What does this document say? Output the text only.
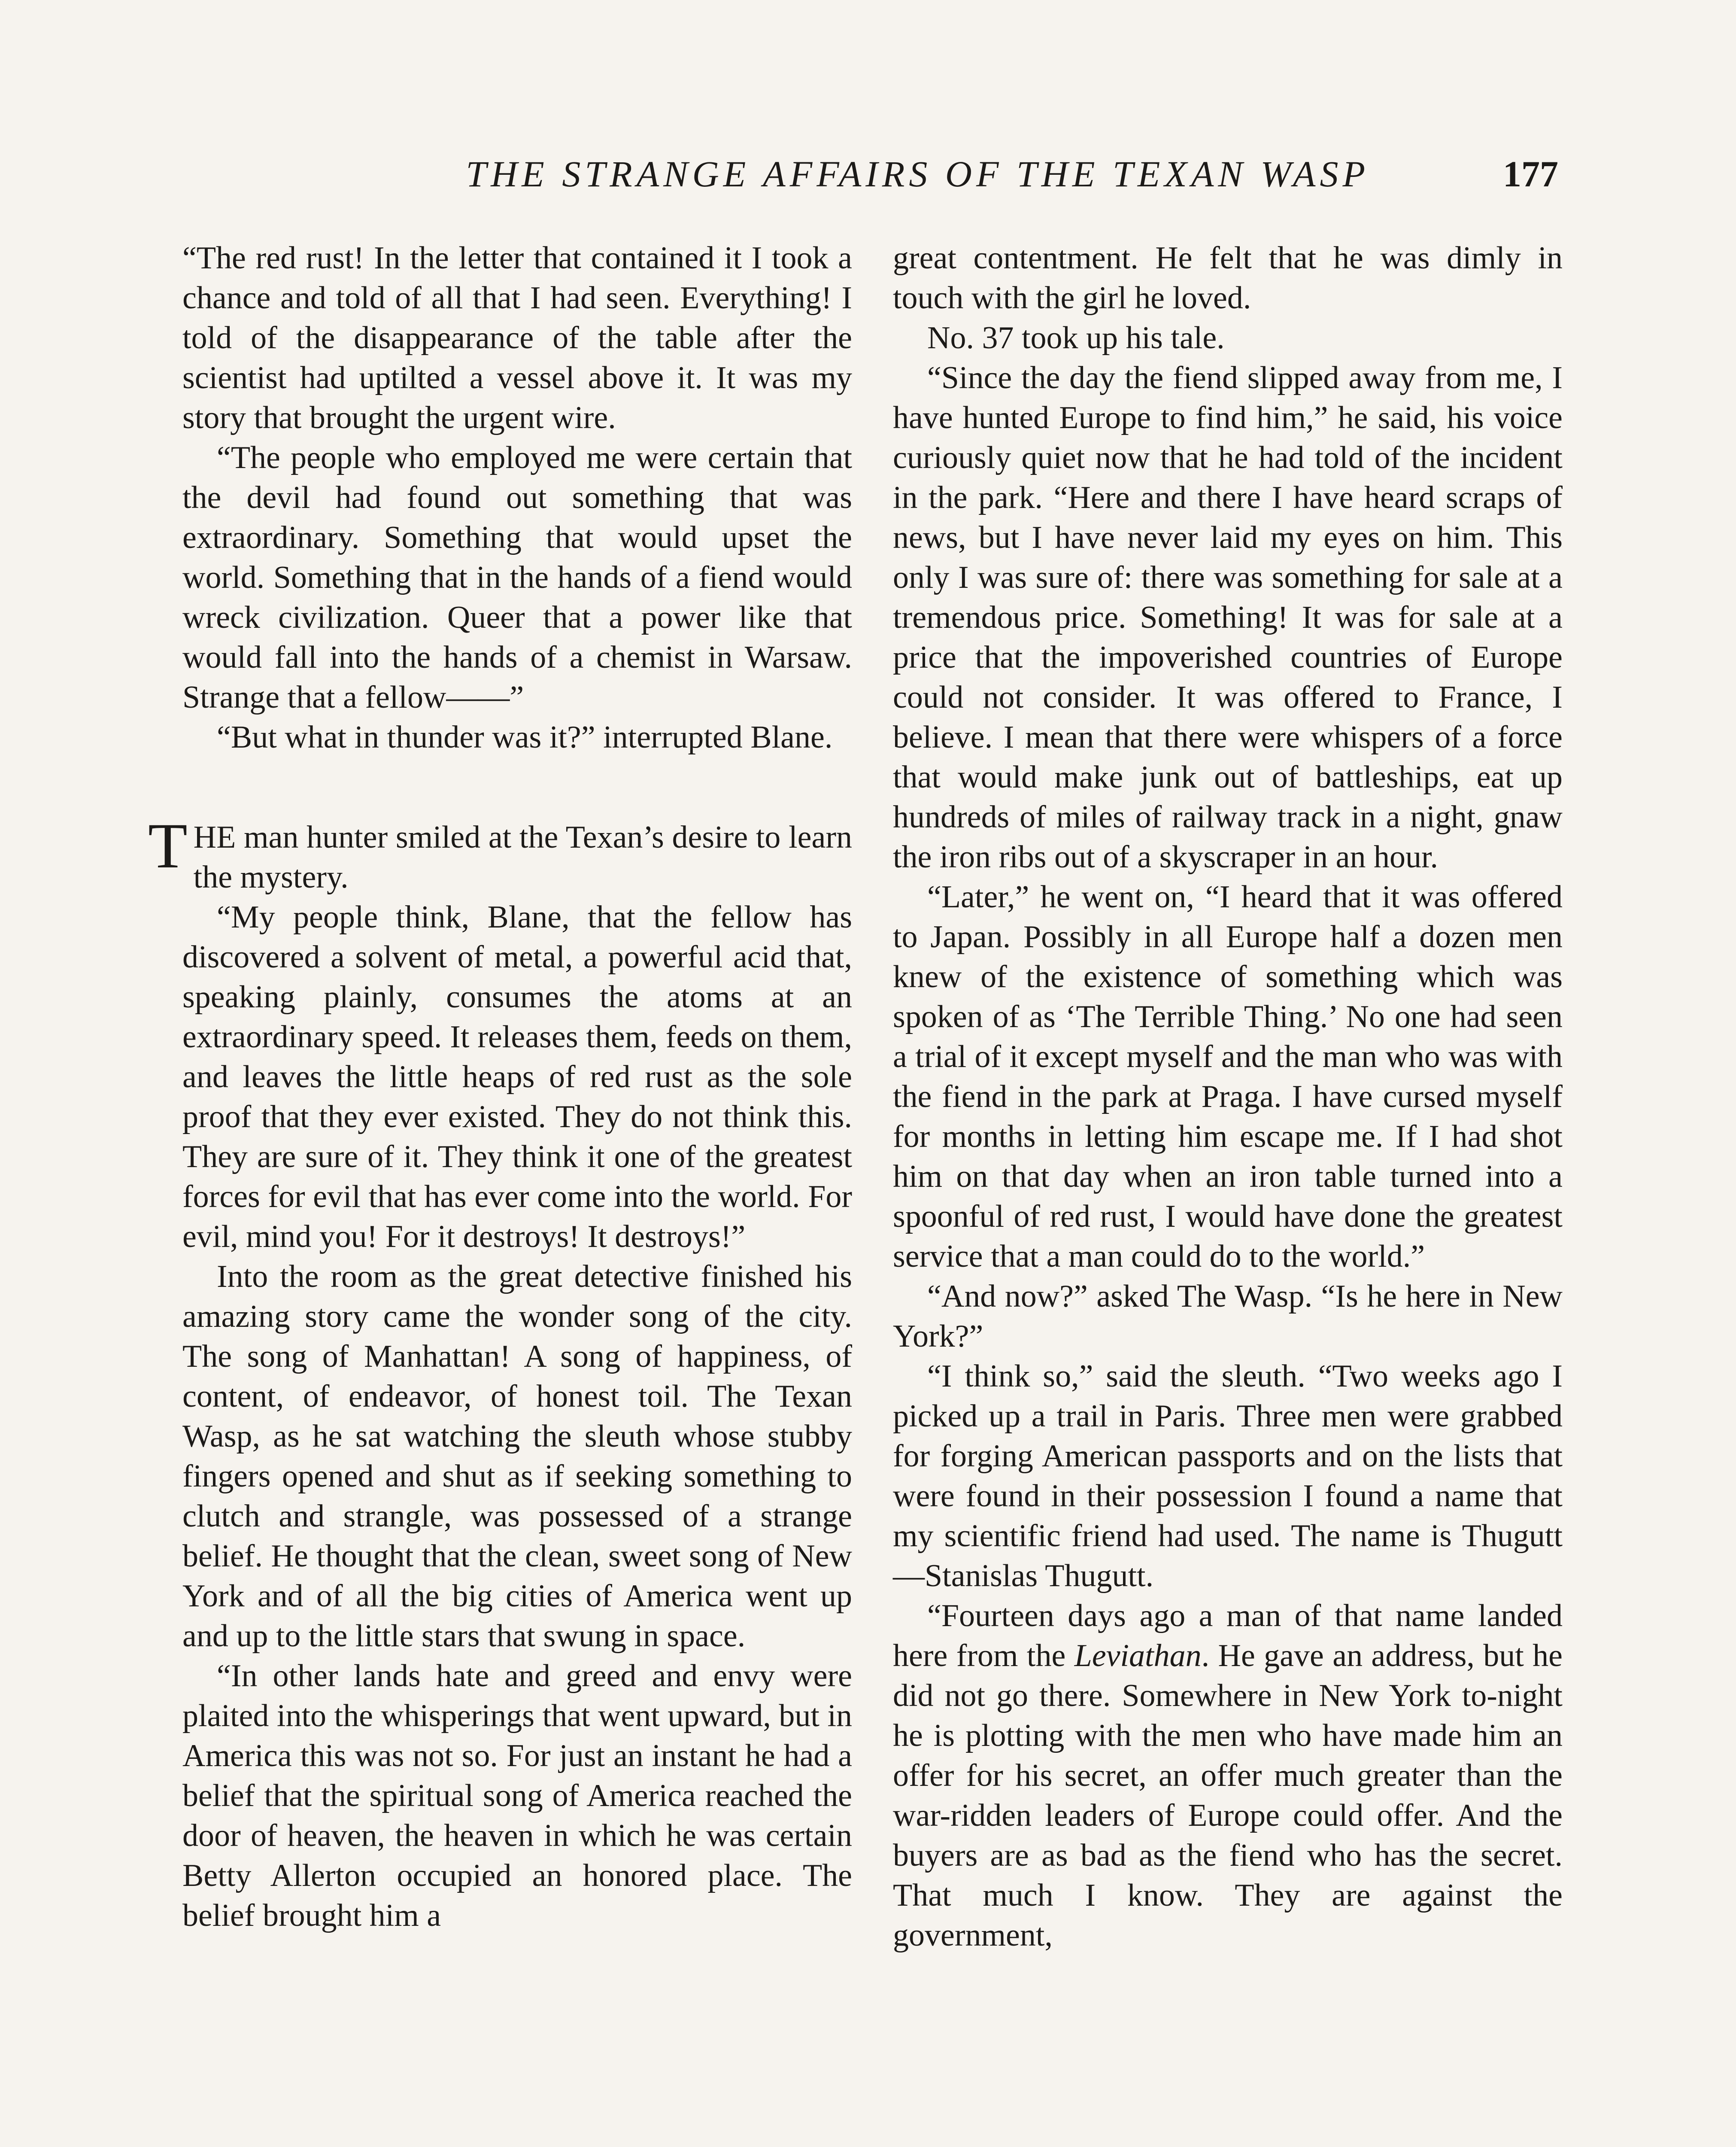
THE STRANGE AFFAIRS OF THE TEXAN WASP	177

“The red rust! In the letter that contained it I took a chance and told of all that I had seen. Everything! I told of the disappearance of the table after the scientist had uptilted a vessel above it. It was my story that brought the urgent wire.

“The people who employed me were certain that the devil had found out something that was extraordinary. Something that would upset the world. Something that in the hands of a fiend would wreck civilization. Queer that a power like that would fall into the hands of a chemist in Warsaw. Strange that a fellow——”

“But what in thunder was it?” interrupted Blane.

THE man hunter smiled at the Texan’s desire to learn the mystery.

“My people think, Blane, that the fellow has discovered a solvent of metal, a powerful acid that, speaking plainly, consumes the atoms at an extraordinary speed. It releases them, feeds on them, and leaves the little heaps of red rust as the sole proof that they ever existed. They do not think this. They are sure of it. They think it one of the greatest forces for evil that has ever come into the world. For evil, mind you! For it destroys! It destroys!”

Into the room as the great detective finished his amazing story came the wonder song of the city. The song of Manhattan! A song of happiness, of content, of endeavor, of honest toil. The Texan Wasp, as he sat watching the sleuth whose stubby fingers opened and shut as if seeking something to clutch and strangle, was possessed of a strange belief. He thought that the clean, sweet song of New York and of all the big cities of America went up and up to the little stars that swung in space.

“In other lands hate and greed and envy were plaited into the whisperings that went upward, but in America this was not so. For just an instant he had a belief that the spiritual song of America reached the door of heaven, the heaven in which he was certain Betty Allerton occupied an honored place. The belief brought him a

great contentment. He felt that he was dimly in touch with the girl he loved.

No. 37 took up his tale.

“Since the day the fiend slipped away from me, I have hunted Europe to find him,” he said, his voice curiously quiet now that he had told of the incident in the park. “Here and there I have heard scraps of news, but I have never laid my eyes on him. This only I was sure of: there was something for sale at a tremendous price. Something! It was for sale at a price that the impoverished countries of Europe could not consider. It was offered to France, I believe. I mean that there were whispers of a force that would make junk out of battleships, eat up hundreds of miles of railway track in a night, gnaw the iron ribs out of a skyscraper in an hour.

“Later,” he went on, “I heard that it was offered to Japan. Possibly in all Europe half a dozen men knew of the existence of something which was spoken of as ‘The Terrible Thing.’ No one had seen a trial of it except myself and the man who was with the fiend in the park at Praga. I have cursed myself for months in letting him escape me. If I had shot him on that day when an iron table turned into a spoonful of red rust, I would have done the greatest service that a man could do to the world.”

“And now?” asked The Wasp. “Is he here in New York?”

“I think so,” said the sleuth. “Two weeks ago I picked up a trail in Paris. Three men were grabbed for forging American passports and on the lists that were found in their possession I found a name that my scientific friend had used. The name is Thugutt—Stanislas Thugutt.

“Fourteen days ago a man of that name landed here from the Leviathan. He gave an address, but he did not go there. Somewhere in New York to-night he is plotting with the men who have made him an offer for his secret, an offer much greater than the war-ridden leaders of Europe could offer. And the buyers are as bad as the fiend who has the secret. That much I know. They are against the government,
